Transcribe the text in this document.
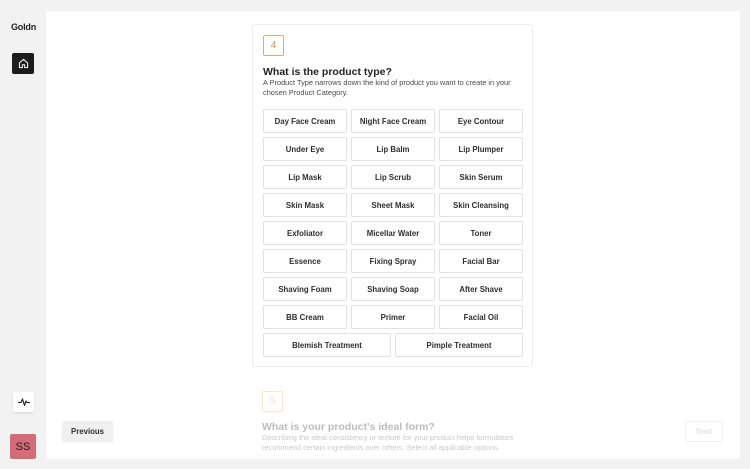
Goldn
SS
4
What is the product type?
A Product Type narrows down the kind of product you want to create in your chosen Product Category.
Day Face Cream	Night Face Cream	Eye Contour
Under Eye	Lip Balm	Lip Plumper
Lip Mask	Lip Scrub	Skin Serum
Skin Mask	Sheet Mask	Skin Cleansing
Exfoliator	Micellar Water	Toner
Essence	Fixing Spray	Facial Bar
Shaving Foam	Shaving Soap	After Shave
BB Cream	Primer	Facial Oil
Blemish Treatment	Pimple Treatment
5
What is your product's ideal form?
Describing the ideal consistency or texture for your product helps formulators recommend certain ingredients over others. Select all applicable options.
Previous	Next
